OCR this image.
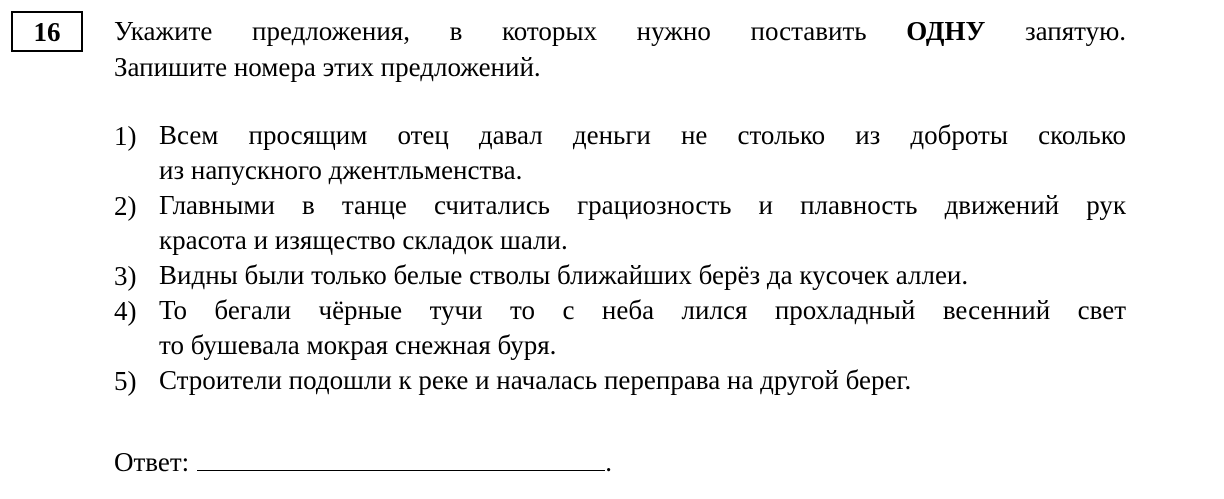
16	Укажите предложения, в которых нужно поставить ОДНУ запятую.
Запишите номера этих предложений.
1) Всем просящим отец давал деньги не столько из доброты сколько
из напускного джентльменства.
2) Главными в танце считались грациозность и плавность движений рук
красота и изящество складок шали.
3) Видны были только белые стволы ближайших берёз да кусочек аллеи.
4) То бегали чёрные тучи то с неба лился прохладный весенний свет
то бушевала мокрая снежная буря.
5) Строители подошли к реке и началась переправа на другой берег.
Ответ:	.
